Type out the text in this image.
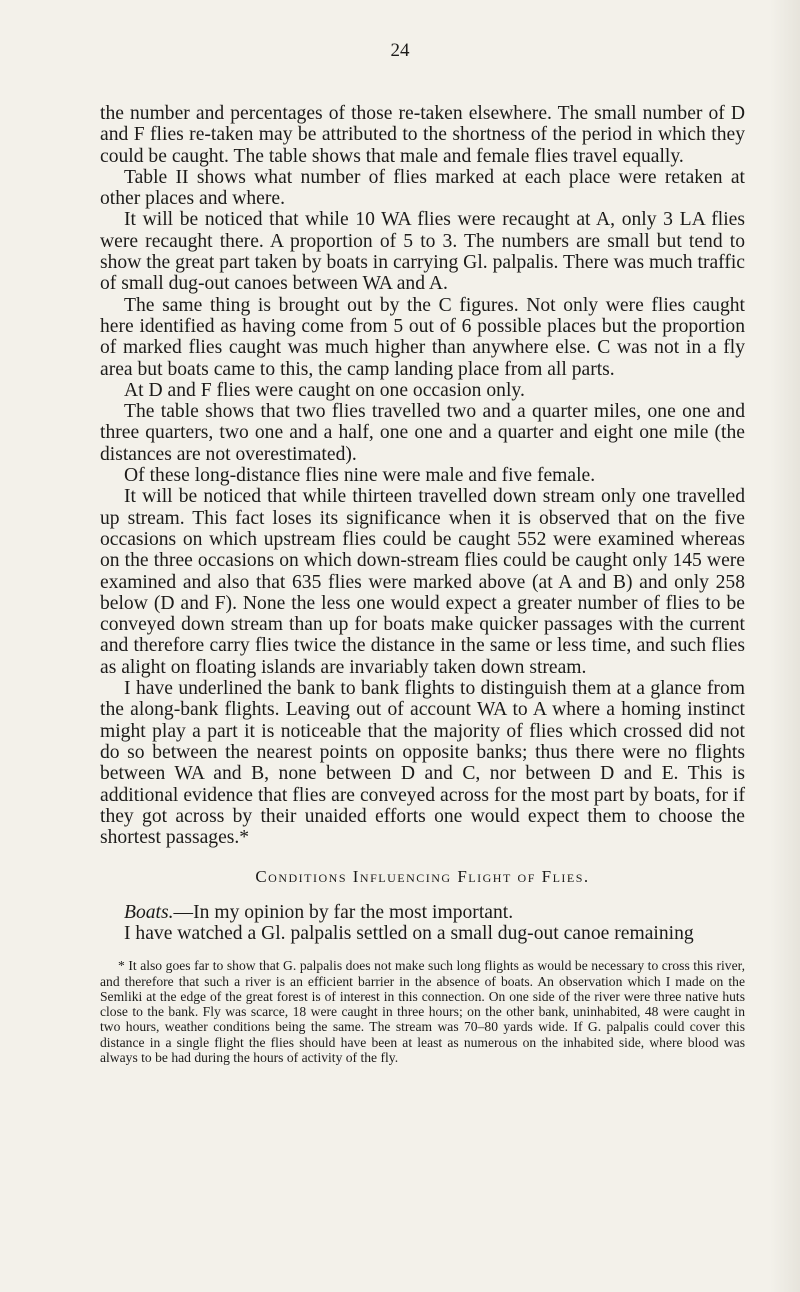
24

the number and percentages of those re-taken elsewhere. The small number of D and F flies re-taken may be attributed to the shortness of the period in which they could be caught. The table shows that male and female flies travel equally.

Table II shows what number of flies marked at each place were retaken at other places and where.

It will be noticed that while 10 WA flies were recaught at A, only 3 LA flies were recaught there. A proportion of 5 to 3. The numbers are small but tend to show the great part taken by boats in carrying Gl. palpalis. There was much traffic of small dug-out canoes between WA and A.

The same thing is brought out by the C figures. Not only were flies caught here identified as having come from 5 out of 6 possible places but the proportion of marked flies caught was much higher than anywhere else. C was not in a fly area but boats came to this, the camp landing place from all parts.

At D and F flies were caught on one occasion only.

The table shows that two flies travelled two and a quarter miles, one one and three quarters, two one and a half, one one and a quarter and eight one mile (the distances are not overestimated).

Of these long-distance flies nine were male and five female.

It will be noticed that while thirteen travelled down stream only one travelled up stream. This fact loses its significance when it is observed that on the five occasions on which upstream flies could be caught 552 were examined whereas on the three occasions on which down-stream flies could be caught only 145 were examined and also that 635 flies were marked above (at A and B) and only 258 below (D and F). None the less one would expect a greater number of flies to be conveyed down stream than up for boats make quicker passages with the current and therefore carry flies twice the distance in the same or less time, and such flies as alight on floating islands are invariably taken down stream.

I have underlined the bank to bank flights to distinguish them at a glance from the along-bank flights. Leaving out of account WA to A where a homing instinct might play a part it is noticeable that the majority of flies which crossed did not do so between the nearest points on opposite banks; thus there were no flights between WA and B, none between D and C, nor between D and E. This is additional evidence that flies are conveyed across for the most part by boats, for if they got across by their unaided efforts one would expect them to choose the shortest passages.*

Conditions Influencing Flight of Flies.

Boats.—In my opinion by far the most important.

I have watched a Gl. palpalis settled on a small dug-out canoe remaining

* It also goes far to show that G. palpalis does not make such long flights as would be necessary to cross this river, and therefore that such a river is an efficient barrier in the absence of boats. An observation which I made on the Semliki at the edge of the great forest is of interest in this connection. On one side of the river were three native huts close to the bank. Fly was scarce, 18 were caught in three hours; on the other bank, uninhabited, 48 were caught in two hours, weather conditions being the same. The stream was 70–80 yards wide. If G. palpalis could cover this distance in a single flight the flies should have been at least as numerous on the inhabited side, where blood was always to be had during the hours of activity of the fly.
